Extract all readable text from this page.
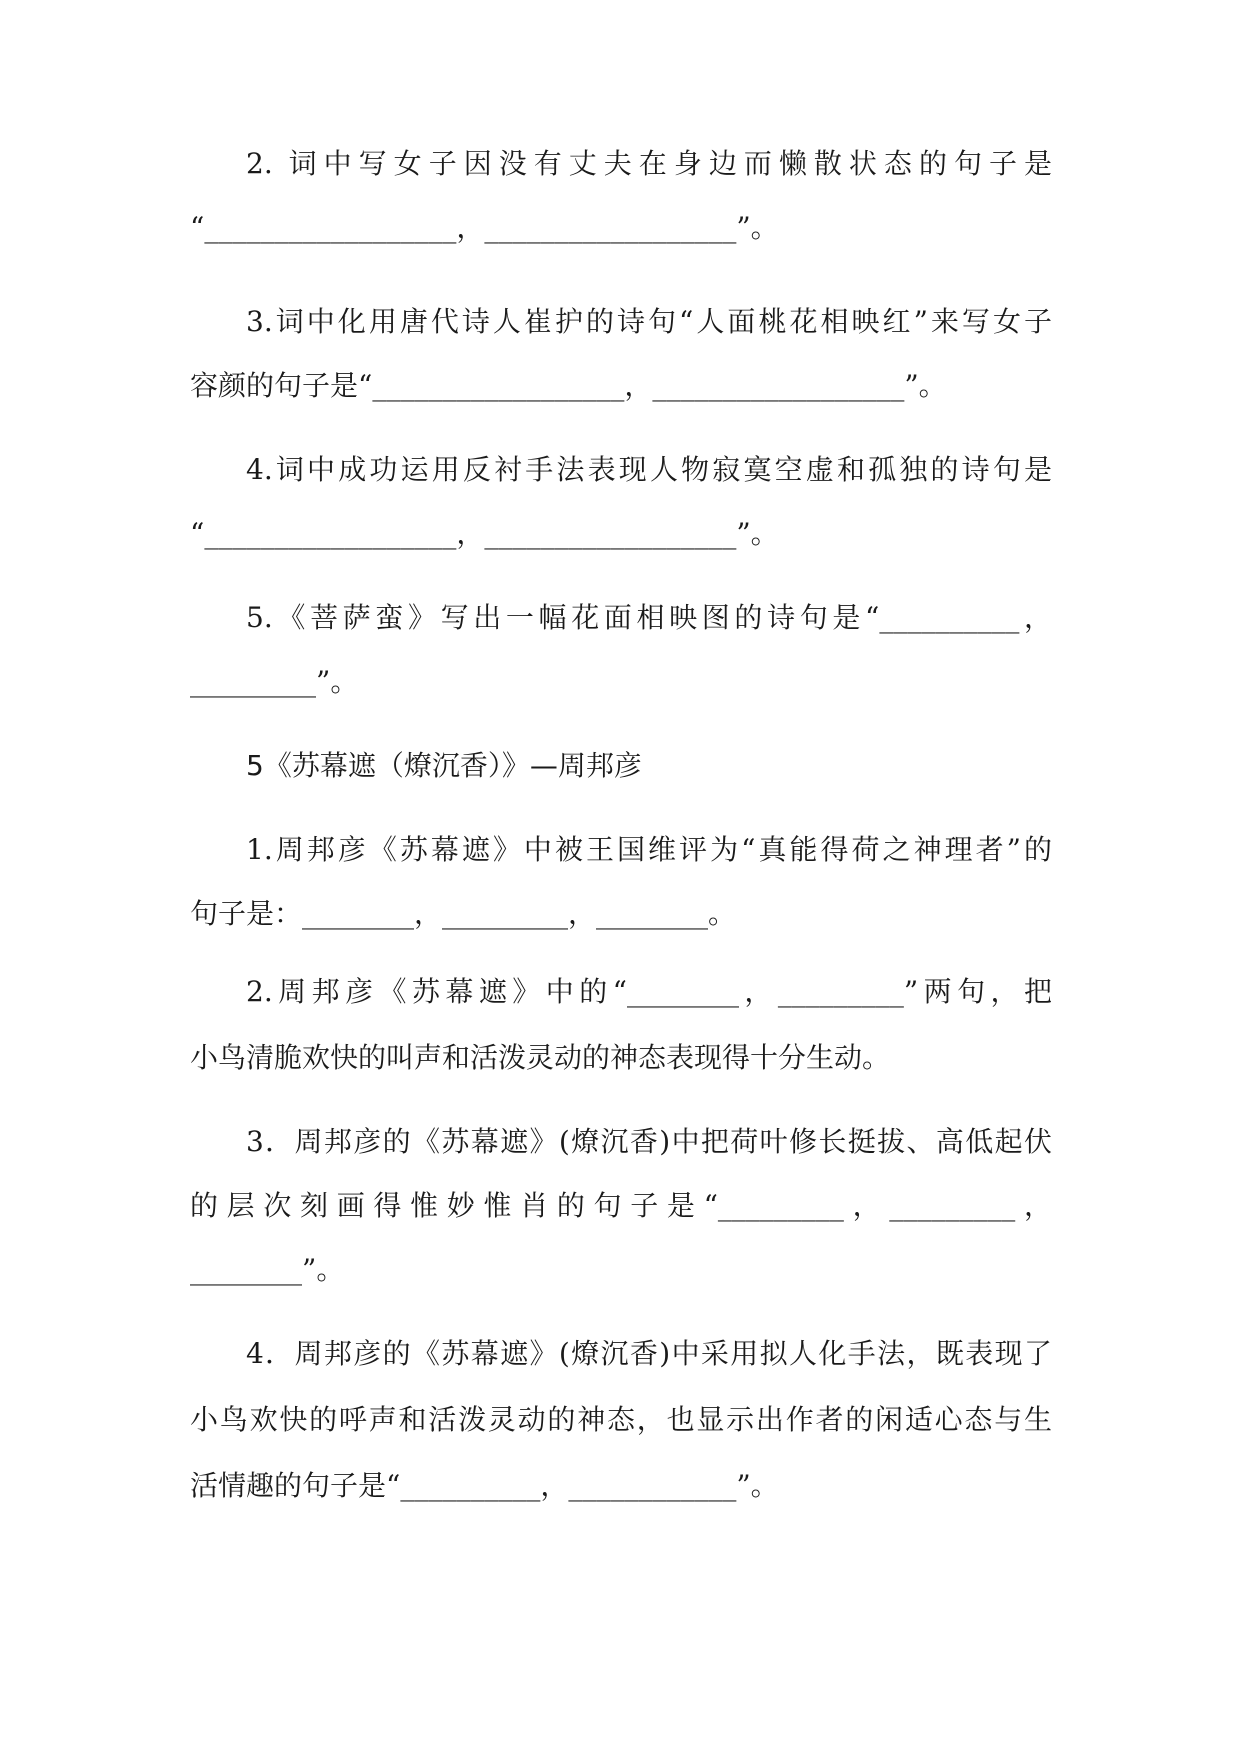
2. 词中写女子因没有丈夫在身边而懒散状态的句子是
“__________________，__________________”。
3.词中化用唐代诗人崔护的诗句“人面桃花相映红”来写女子
容颜的句子是“__________________，__________________”。
4.词中成功运用反衬手法表现人物寂寞空虚和孤独的诗句是
“__________________，__________________”。
5.《菩萨蛮》写出一幅花面相映图的诗句是“__________，
_________”。
5《苏幕遮（燎沉香）》—周邦彦
1.周邦彦《苏幕遮》中被王国维评为“真能得荷之神理者”的
句子是：________，_________，________。
2.周邦彦《苏幕遮》中的“________，_________”两句，把
小鸟清脆欢快的叫声和活泼灵动的神态表现得十分生动。
3．周邦彦的《苏幕遮》(燎沉香)中把荷叶修长挺拔、高低起伏
的层次刻画得惟妙惟肖的句子是“_________，_________，
________”。
4．周邦彦的《苏幕遮》(燎沉香)中采用拟人化手法，既表现了
小鸟欢快的呼声和活泼灵动的神态，也显示出作者的闲适心态与生
活情趣的句子是“__________，____________”。
